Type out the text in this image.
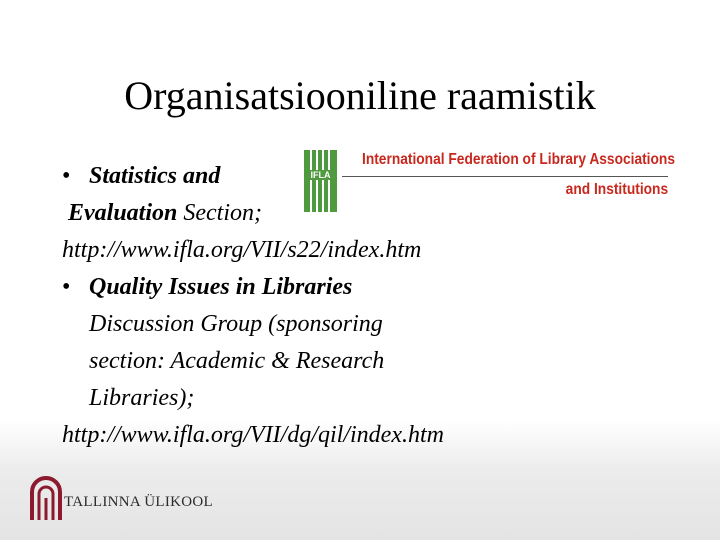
Organisatsiooniline raamistik
• Statistics and
Evaluation Section;
http://www.ifla.org/VII/s22/index.htm
• Quality Issues in Libraries
Discussion Group (sponsoring
section: Academic & Research
Libraries);
http://www.ifla.org/VII/dg/qil/index.htm
IFLA
International Federation of Library Associations
and Institutions
TALLINNA ÜLIKOOL
